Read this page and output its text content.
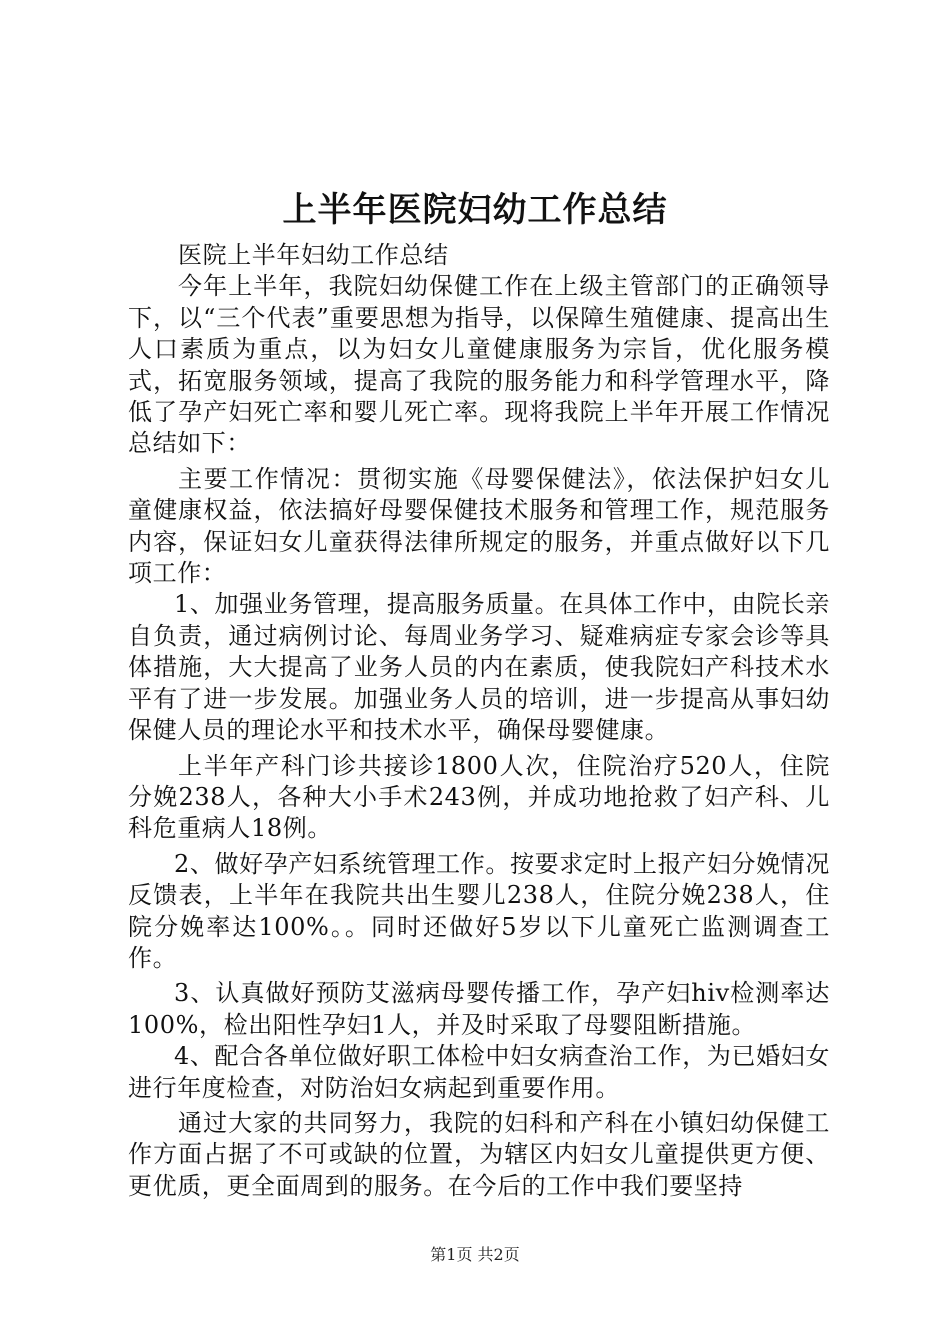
上半年医院妇幼工作总结

医院上半年妇幼工作总结

今年上半年，我院妇幼保健工作在上级主管部门的正确领导下，以“三个代表”重要思想为指导，以保障生殖健康、提高出生人口素质为重点，以为妇女儿童健康服务为宗旨，优化服务模式，拓宽服务领域，提高了我院的服务能力和科学管理水平，降低了孕产妇死亡率和婴儿死亡率。现将我院上半年开展工作情况总结如下：

主要工作情况：贯彻实施《母婴保健法》，依法保护妇女儿童健康权益，依法搞好母婴保健技术服务和管理工作，规范服务内容，保证妇女儿童获得法律所规定的服务，并重点做好以下几项工作：

1、加强业务管理，提高服务质量。在具体工作中，由院长亲自负责，通过病例讨论、每周业务学习、疑难病症专家会诊等具体措施，大大提高了业务人员的内在素质，使我院妇产科技术水平有了进一步发展。加强业务人员的培训，进一步提高从事妇幼保健人员的理论水平和技术水平，确保母婴健康。

上半年产科门诊共接诊1800人次，住院治疗520人，住院分娩238人，各种大小手术243例，并成功地抢救了妇产科、儿科危重病人18例。

2、做好孕产妇系统管理工作。按要求定时上报产妇分娩情况反馈表，上半年在我院共出生婴儿238人，住院分娩238人，住院分娩率达100%。。同时还做好5岁以下儿童死亡监测调查工作。

3、认真做好预防艾滋病母婴传播工作，孕产妇hiv检测率达100%，检出阳性孕妇1人，并及时采取了母婴阻断措施。

4、配合各单位做好职工体检中妇女病查治工作，为已婚妇女进行年度检查，对防治妇女病起到重要作用。

通过大家的共同努力，我院的妇科和产科在小镇妇幼保健工作方面占据了不可或缺的位置，为辖区内妇女儿童提供更方便、更优质，更全面周到的服务。在今后的工作中我们要坚持

第1页 共2页
